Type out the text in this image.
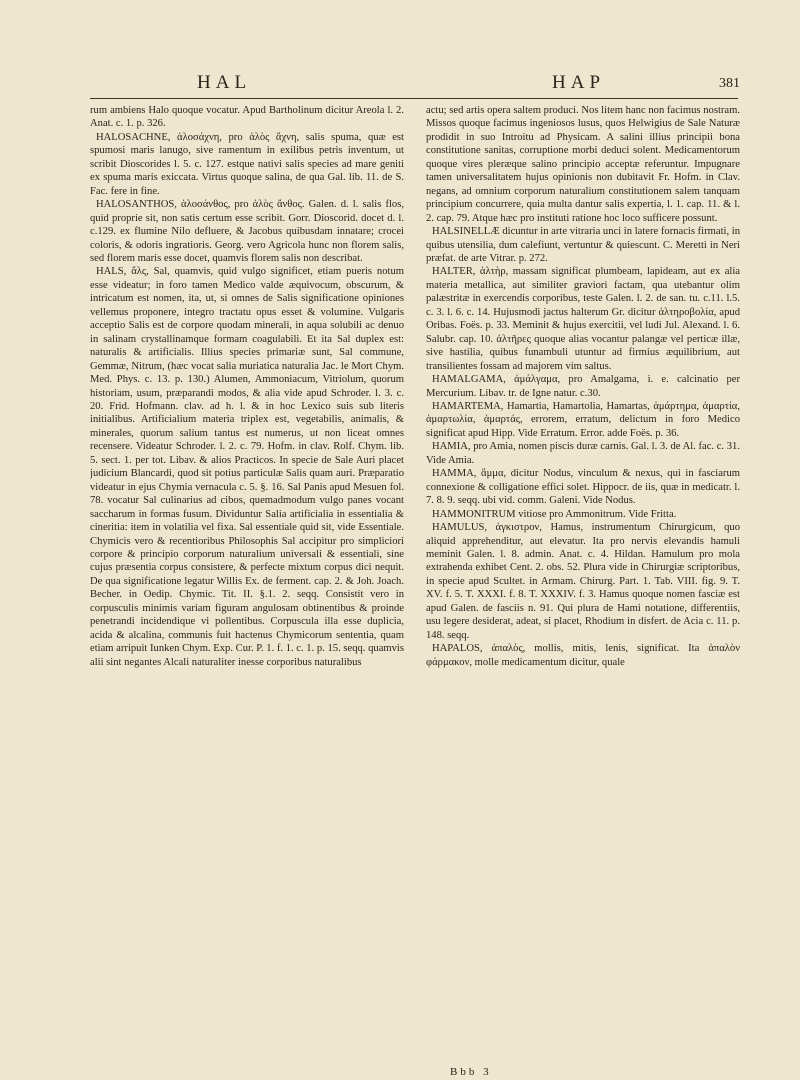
HAL	HAP	381

rum ambiens Halo quoque vocatur. Apud Bartholinum dicitur Areola l. 2. Anat. c. 1. p. 326.

HALOSACHNE, ἁλοσάχνη, pro ἁλὸς ἄχνη, salis spuma, quæ est spumosi maris lanugo, sive ramentum in exilibus petris inventum, ut scribit Dioscorides l. 5. c. 127. estque nativi salis species ad mare geniti ex spuma maris exiccata. Virtus quoque salina, de qua Gal. lib. 11. de S. Fac. fere in fine.

HALOSANTHOS, ἁλοσάνθος, pro ἁλὸς ἄνθος. Galen. d. l. salis flos, quid proprie sit, non satis certum esse scribit. Gorr. Dioscorid. docet d. l. c.129. ex flumine Nilo defluere, & Jacobus quibusdam innatare; crocei coloris, & odoris ingratioris. Georg. vero Agricola hunc non florem salis, sed florem maris esse docet, quamvis florem salis non describat.

HALS, ἅλς, Sal, quamvis, quid vulgo significet, etiam pueris notum esse videatur; in foro tamen Medico valde æquivocum, obscurum, & intricatum est nomen, ita, ut, si omnes de Salis significatione opiniones vellemus proponere, integro tractatu opus esset & volumine. Vulgaris acceptio Salis est de corpore quodam minerali, in aqua solubili ac denuo in salinam crystallinamque formam coagulabili. Et ita Sal duplex est: naturalis & artificialis. Illius species primariæ sunt, Sal commune, Gemmæ, Nitrum, (hæc vocat salia muriatica naturalia Jac. le Mort Chym. Med. Phys. c. 13. p. 130.) Alumen, Ammoniacum, Vitriolum, quorum historiam, usum, præparandi modos, & alia vide apud Schroder. l. 3. c. 20. Frid. Hofmann. clav. ad h. l. & in hoc Lexico suis sub literis initialibus. Artificialium materia triplex est, vegetabilis, animalis, & minerales, quorum salium tantus est numerus, ut non liceat omnes recensere. Videatur Schroder. l. 2. c. 79. Hofm. in clav. Rolf. Chym. lib. 5. sect. 1. per tot. Libav. & alios Practicos. In specie de Sale Auri placet judicium Blancardi, quod sit potius particulæ Salis quam auri. Præparatio videatur in ejus Chymia vernacula c. 5. §. 16. Sal Panis apud Mesuen fol. 78. vocatur Sal culinarius ad cibos, quemadmodum vulgo panes vocant saccharum in formas fusum. Dividuntur Salia artificialia in essentialia & cineritia: item in volatilia vel fixa. Sal essentiale quid sit, vide Essentiale. Chymicis vero & recentioribus Philosophis Sal accipitur pro simpliciori corpore & principio corporum naturalium universali & essentiali, sine cujus præsentia corpus consistere, & perfecte mixtum corpus dici nequit. De qua significatione legatur Willis Ex. de ferment. cap. 2. & Joh. Joach. Becher. in Oedip. Chymic. Tit. II. §.1. 2. seqq. Consistit vero in corpusculis minimis variam figuram angulosam obtinentibus & proinde penetrandi incidendique vi pollentibus. Corpuscula illa esse duplicia, acida & alcalina, communis fuit hactenus Chymicorum sententia, quam etiam arripuit Iunken Chym. Exp. Cur. P. 1. f. 1. c. 1. p. 15. seqq. quamvis alii sint negantes Alcali naturaliter inesse corporibus naturalibus

actu; sed artis opera saltem produci. Nos litem hanc non facimus nostram. Missos quoque facimus ingeniosos lusus, quos Helwigius de Sale Naturæ prodidit in suo Introitu ad Physicam. A salini illius principii bona constitutione sanitas, corruptione morbi deduci solent. Medicamentorum quoque vires pleræque salino principio acceptæ referuntur. Impugnare tamen universalitatem hujus opinionis non dubitavit Fr. Hofm. in Clav. negans, ad omnium corporum naturalium constitutionem salem tanquam principium concurrere, quia multa dantur salis expertia, l. 1. cap. 11. & l. 2. cap. 79. Atque hæc pro instituti ratione hoc loco sufficere possunt.

HALSINELLÆ dicuntur in arte vitraria unci in latere fornacis firmati, in quibus utensilia, dum calefiunt, vertuntur & quiescunt. C. Meretti in Neri præfat. de arte Vitrar. p. 272.

HALTER, ἁλτὴρ, massam significat plumbeam, lapideam, aut ex alia materia metallica, aut similiter graviori factam, qua utebantur olim palæstritæ in exercendis corporibus, teste Galen. l. 2. de san. tu. c.11. l.5. c. 3. l. 6. c. 14. Hujusmodi jactus halterum Gr. dicitur ἁλτηροβολία, apud Oribas. Foës. p. 33. Meminit & hujus exercitii, vel ludi Jul. Alexand. l. 6. Salubr. cap. 10. ἀλτῆρες quoque alias vocantur palangæ vel perticæ illæ, sive hastilia, quibus funambuli utuntur ad firmius æquilibrium, aut transilientes fossam ad majorem vim saltus.

HAMALGAMA, ἀμάλγαμα, pro Amalgama, i. e. calcinatio per Mercurium. Libav. tr. de Igne natur. c.30.

HAMARTEMA, Hamartia, Hamartolia, Hamartas, ἁμάρτημα, ἁμαρτία, ἁμαρτωλία, ἁμαρτάς, errorem, erratum, delictum in foro Medico significat apud Hipp. Vide Erratum. Error. adde Foës. p. 36.

HAMIA, pro Amia, nomen piscis duræ carnis. Gal. l. 3. de Al. fac. c. 31. Vide Amia.

HAMMA, ἅμμα, dicitur Nodus, vinculum & nexus, qui in fasciarum connexione & colligatione effici solet. Hippocr. de iis, quæ in medicatr. l. 7. 8. 9. seqq. ubi vid. comm. Galeni. Vide Nodus.

HAMMONITRUM vitiose pro Ammonitrum. Vide Fritta.

HAMULUS, ἀγκιστρον, Hamus, instrumentum Chirurgicum, quo aliquid apprehenditur, aut elevatur. Ita pro nervis elevandis hamuli meminit Galen. l. 8. admin. Anat. c. 4. Hildan. Hamulum pro mola extrahenda exhibet Cent. 2. obs. 52. Plura vide in Chirurgiæ scriptoribus, in specie apud Scultet. in Armam. Chirurg. Part. 1. Tab. VIII. fig. 9. T. XV. f. 5. T. XXXI. f. 8. T. XXXIV. f. 3. Hamus quoque nomen fasciæ est apud Galen. de fasciis n. 91. Qui plura de Hami notatione, differentiis, usu legere desiderat, adeat, si placet, Rhodium in disfert. de Acia c. 11. p. 148. seqq.

HAPALOS, ἁπαλὸς, mollis, mitis, lenis, significat. Ita ἁπαλὸν φάρμακον, molle medicamentum dicitur, quale

Bbb 3
